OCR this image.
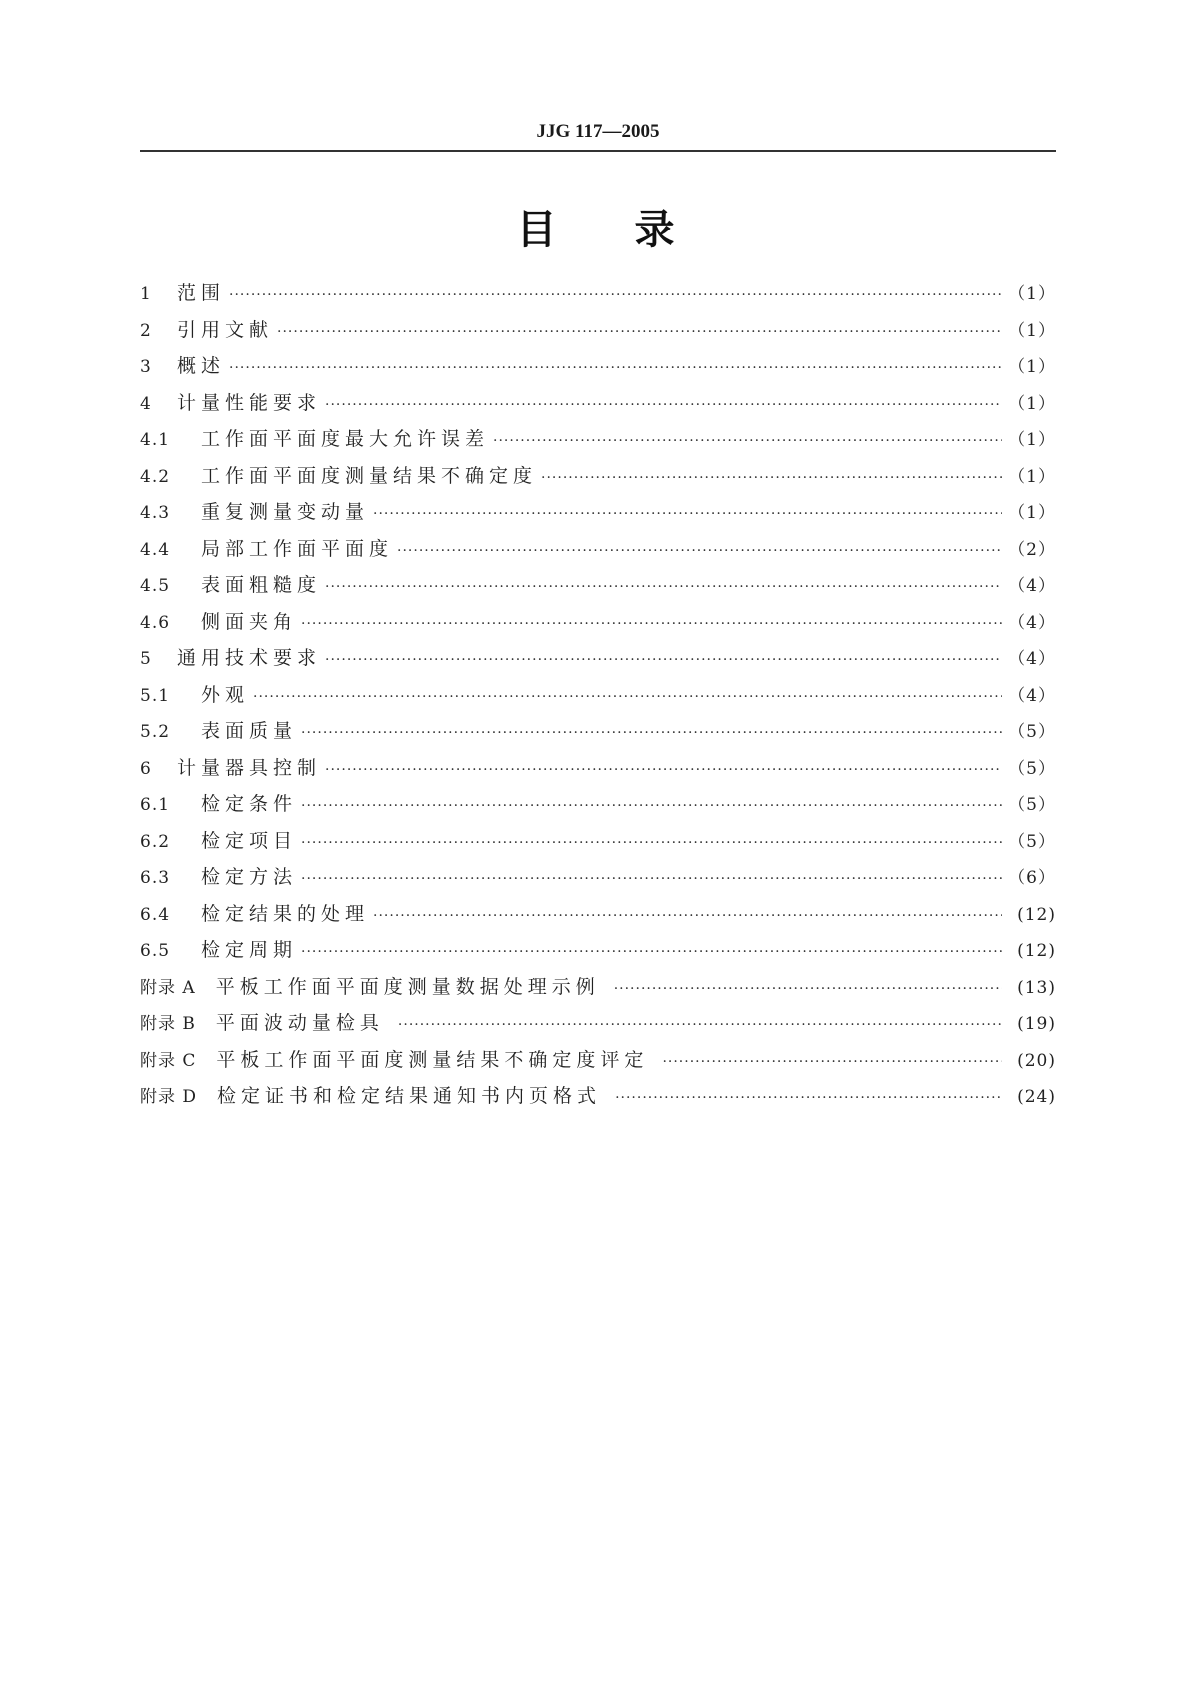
JJG 117—2005
目录
1	范围 ·····	（1）
2	引用文献 ·····	（1）
3	概述 ·····	（1）
4	计量性能要求 ·····	（1）
4.1	工作面平面度最大允许误差 ·····	（1）
4.2	工作面平面度测量结果不确定度 ·····	（1）
4.3	重复测量变动量 ·····	（1）
4.4	局部工作面平面度 ·····	（2）
4.5	表面粗糙度 ·····	（4）
4.6	侧面夹角 ·····	（4）
5	通用技术要求 ·····	（4）
5.1	外观 ·····	（4）
5.2	表面质量 ·····	（5）
6	计量器具控制 ·····	（5）
6.1	检定条件 ·····	（5）
6.2	检定项目 ·····	（5）
6.3	检定方法 ·····	（6）
6.4	检定结果的处理 ·····	(12)
6.5	检定周期 ·····	(12)
附录 A	平板工作面平面度测量数据处理示例 ·····	(13)
附录 B	平面波动量检具 ·····	(19)
附录 C	平板工作面平面度测量结果不确定度评定 ·····	(20)
附录 D	检定证书和检定结果通知书内页格式 ·····	(24)
